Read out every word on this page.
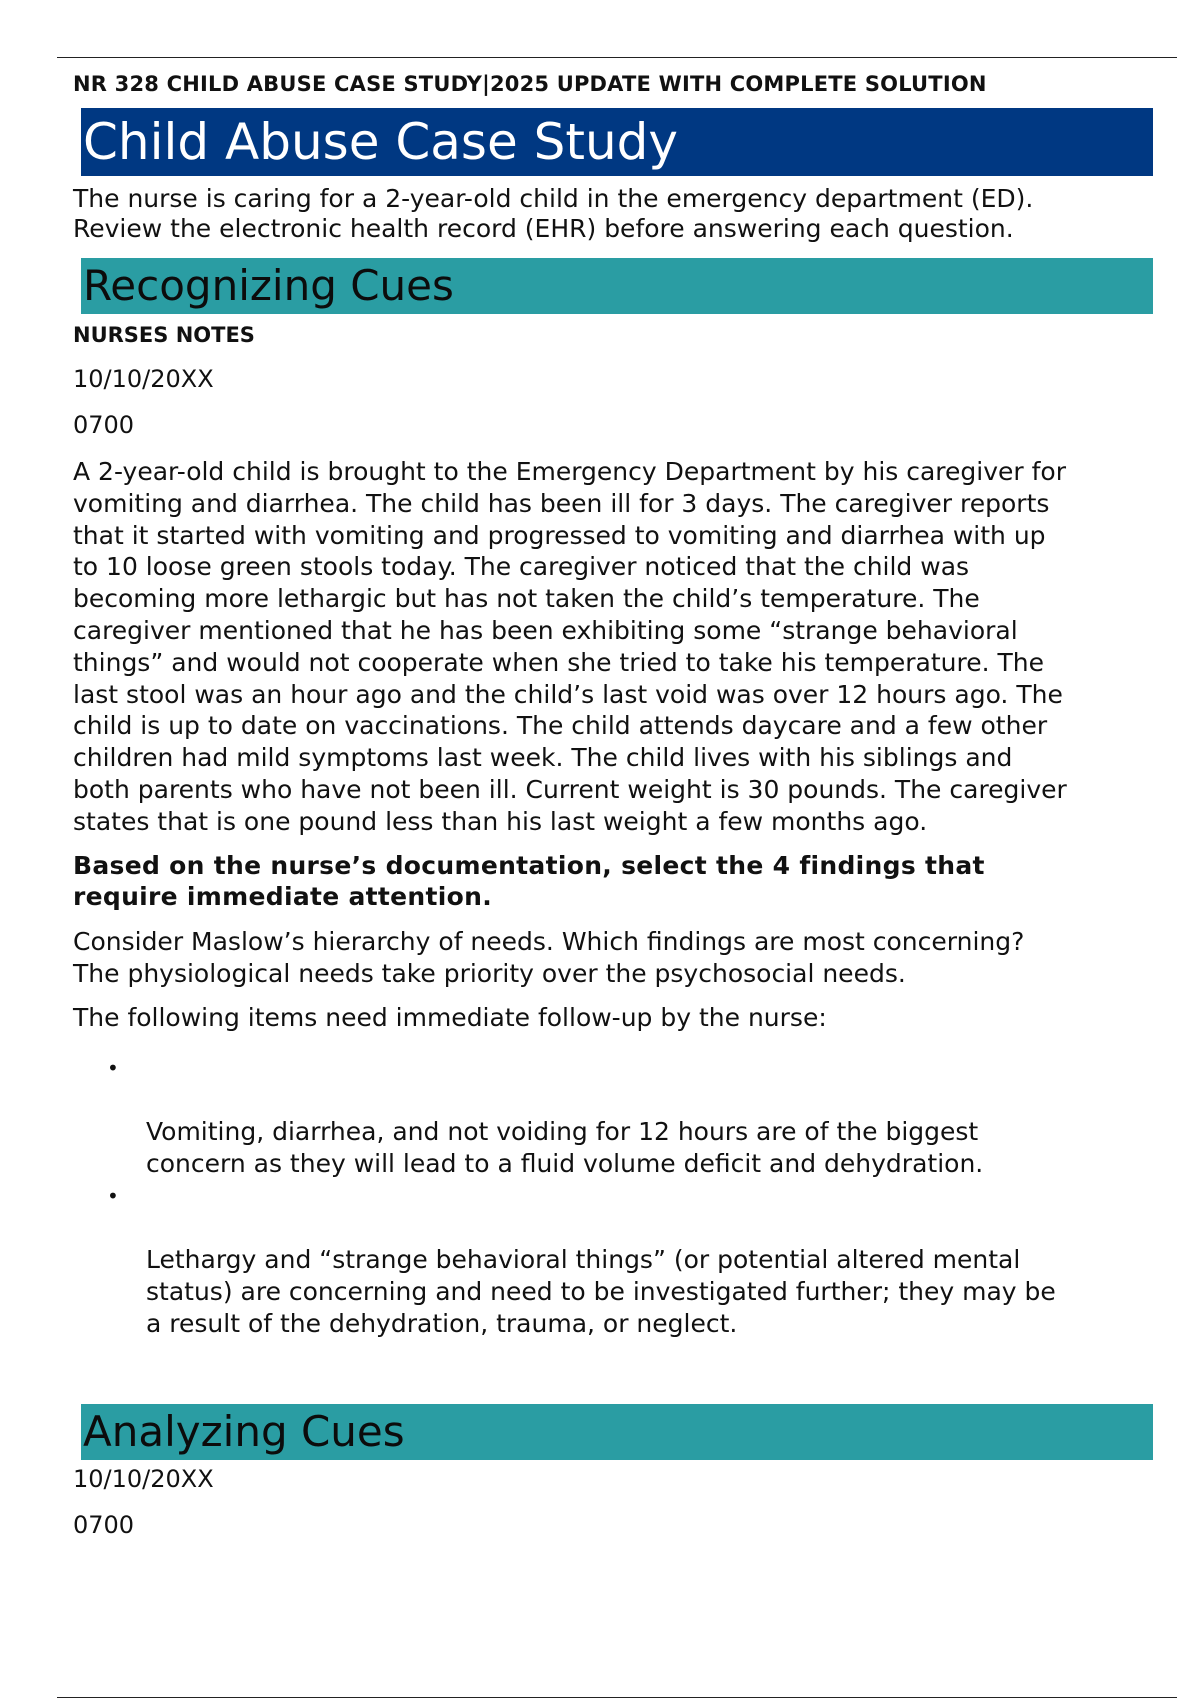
NR 328 CHILD ABUSE CASE STUDY|2025 UPDATE WITH COMPLETE SOLUTION
Child Abuse Case Study
The nurse is caring for a 2-year-old child in the emergency department (ED).
Review the electronic health record (EHR) before answering each question.
Recognizing Cues
NURSES NOTES
10/10/20XX
0700
A 2-year-old child is brought to the Emergency Department by his caregiver for
vomiting and diarrhea. The child has been ill for 3 days. The caregiver reports
that it started with vomiting and progressed to vomiting and diarrhea with up
to 10 loose green stools today. The caregiver noticed that the child was
becoming more lethargic but has not taken the child’s temperature. The
caregiver mentioned that he has been exhibiting some “strange behavioral
things” and would not cooperate when she tried to take his temperature. The
last stool was an hour ago and the child’s last void was over 12 hours ago. The
child is up to date on vaccinations. The child attends daycare and a few other
children had mild symptoms last week. The child lives with his siblings and
both parents who have not been ill. Current weight is 30 pounds. The caregiver
states that is one pound less than his last weight a few months ago.
Based on the nurse’s documentation, select the 4 findings that
require immediate attention.
Consider Maslow’s hierarchy of needs. Which findings are most concerning?
The physiological needs take priority over the psychosocial needs.
The following items need immediate follow-up by the nurse:

•

Vomiting, diarrhea, and not voiding for 12 hours are of the biggest
concern as they will lead to a fluid volume deficit and dehydration.

•

Lethargy and “strange behavioral things” (or potential altered mental
status) are concerning and need to be investigated further; they may be
a result of the dehydration, trauma, or neglect.

Analyzing Cues
10/10/20XX
0700
